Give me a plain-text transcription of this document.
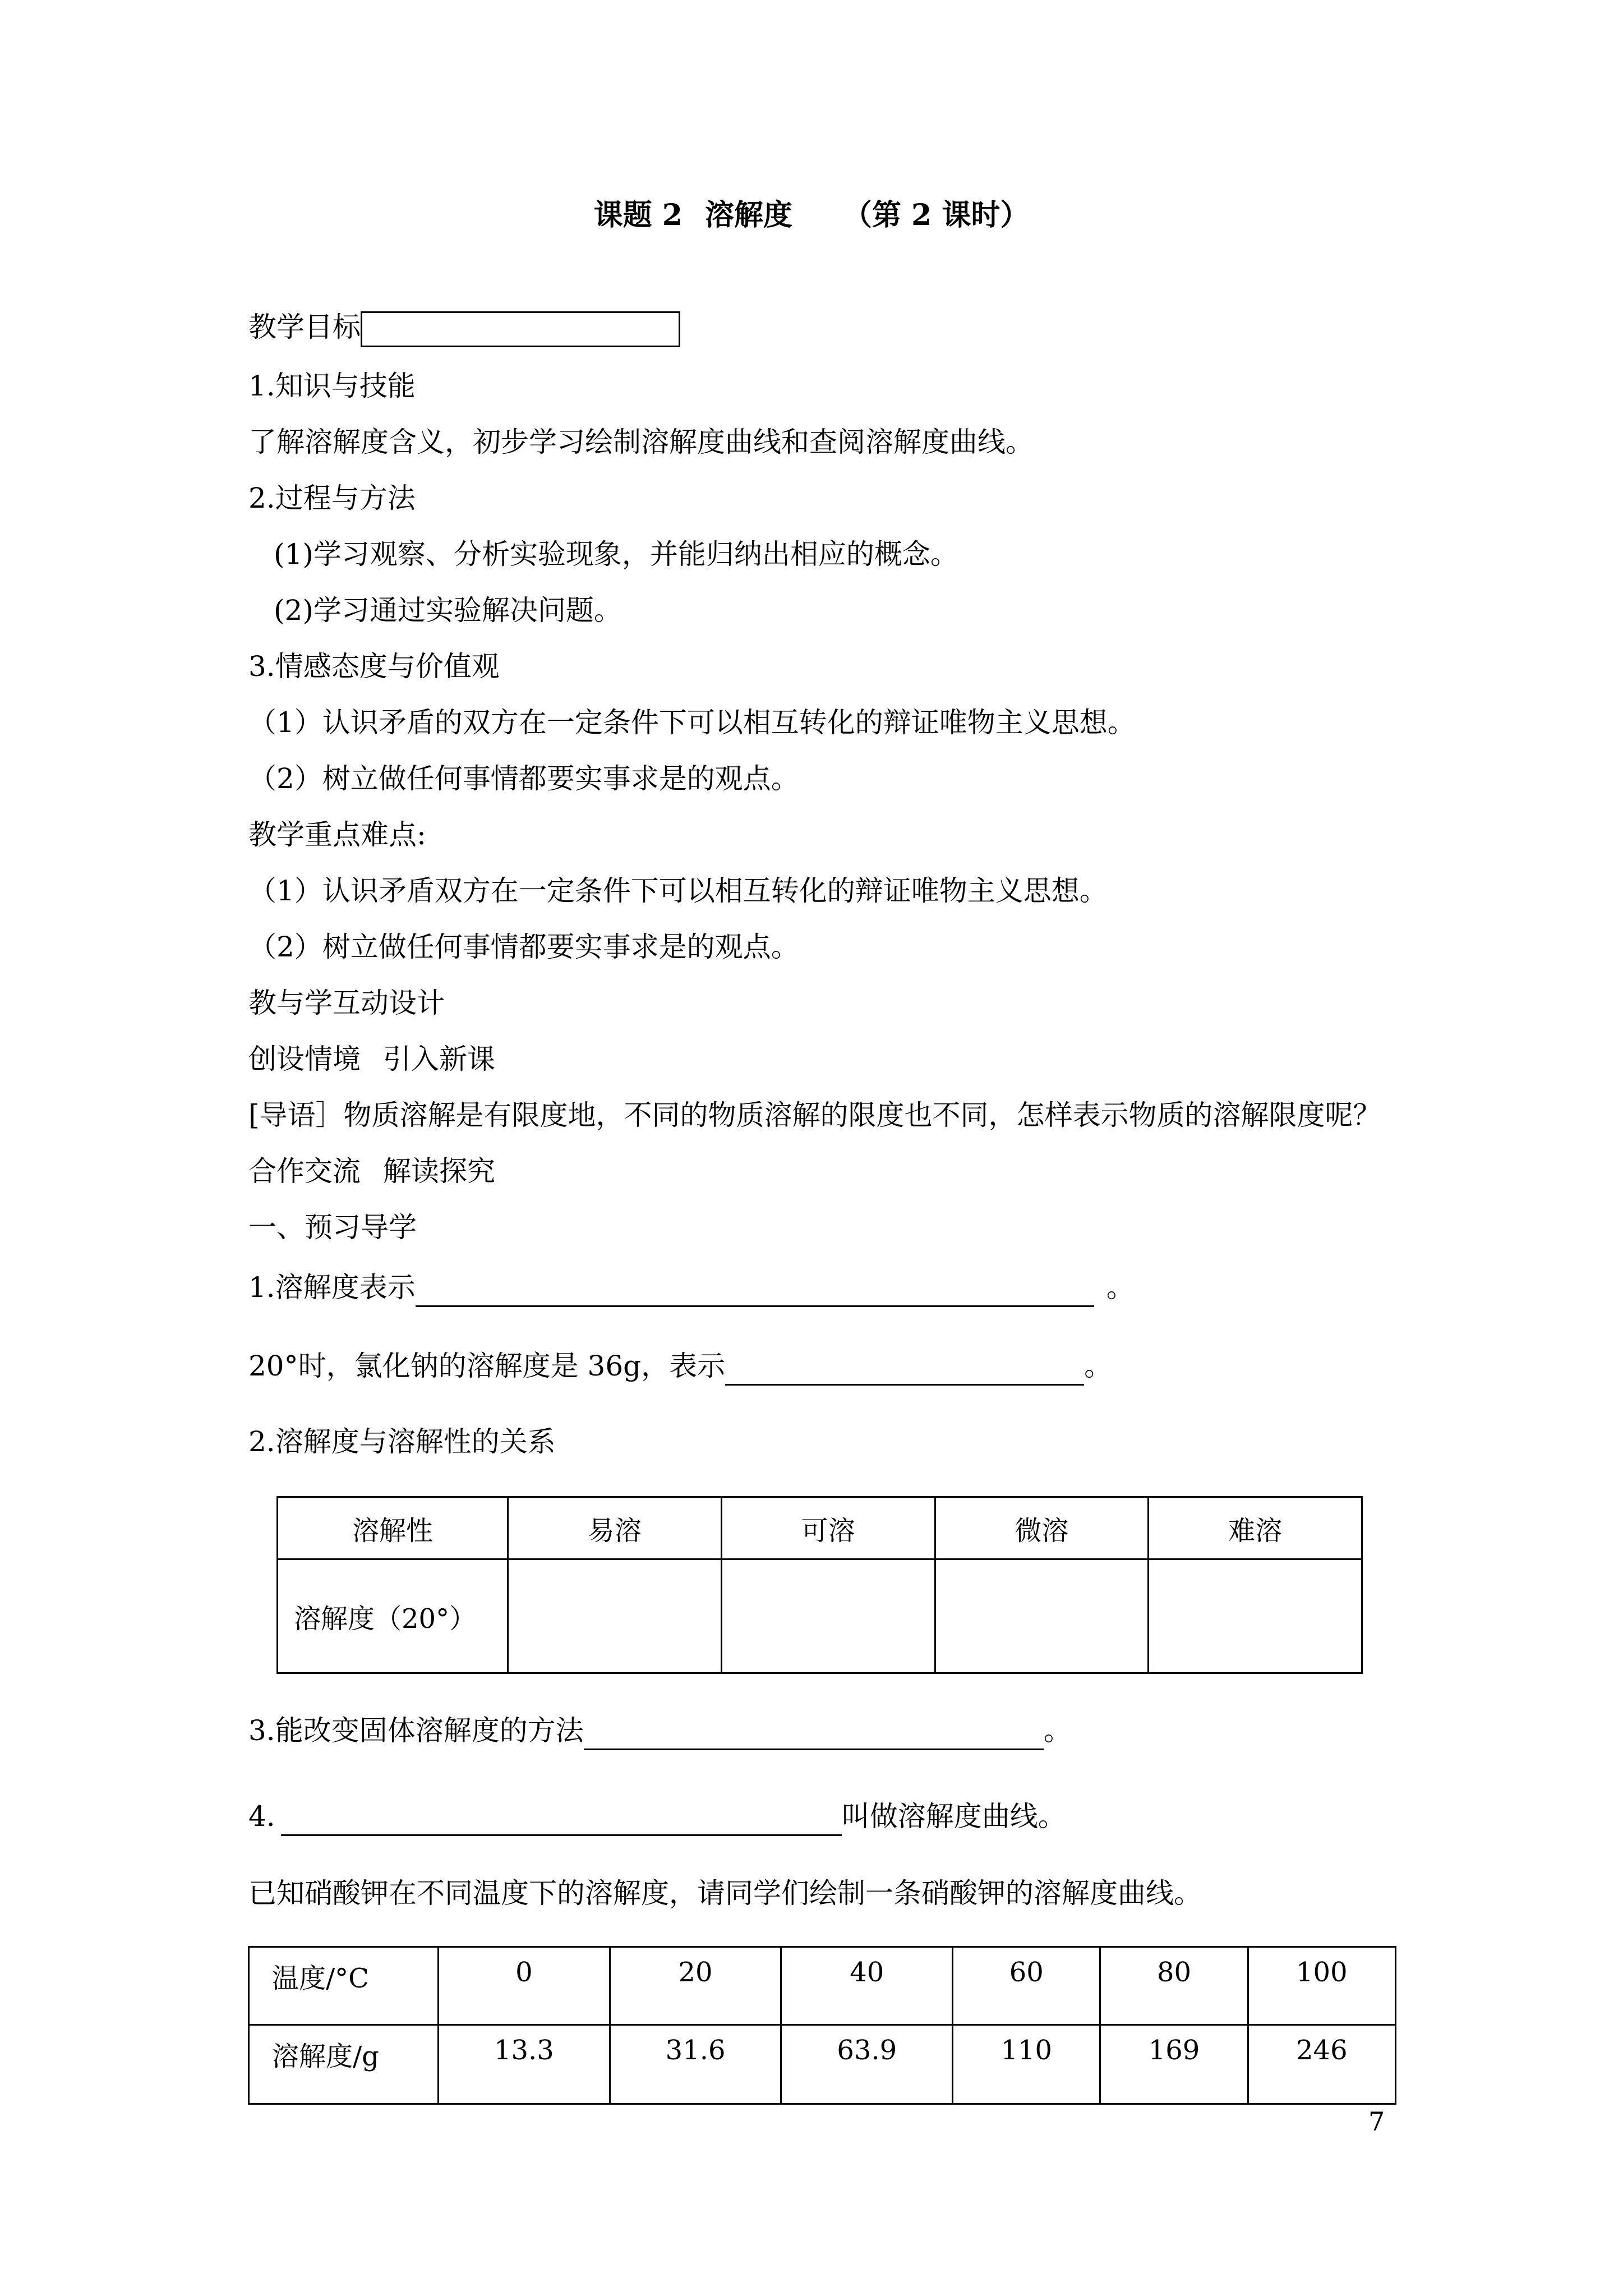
课题 2 溶解度 （第 2 课时）
教学目标
1.知识与技能
了解溶解度含义，初步学习绘制溶解度曲线和查阅溶解度曲线。
2.过程与方法
(1)学习观察、分析实验现象，并能归纳出相应的概念。
(2)学习通过实验解决问题。
3.情感态度与价值观
（1）认识矛盾的双方在一定条件下可以相互转化的辩证唯物主义思想。
（2）树立做任何事情都要实事求是的观点。
教学重点难点:
（1）认识矛盾双方在一定条件下可以相互转化的辩证唯物主义思想。
（2）树立做任何事情都要实事求是的观点。
教与学互动设计
创设情境 引入新课
[导语］物质溶解是有限度地，不同的物质溶解的限度也不同，怎样表示物质的溶解限度呢？
合作交流 解读探究
一、预习导学
1.溶解度表示	。
20°时，氯化钠的溶解度是 36g，表示	。
2.溶解度与溶解性的关系
溶解性	易溶	可溶	微溶	难溶
溶解度（20°）				
3.能改变固体溶解度的方法	。
4.	叫做溶解度曲线。
已知硝酸钾在不同温度下的溶解度，请同学们绘制一条硝酸钾的溶解度曲线。
温度/°C	0	20	40	60	80	100
溶解度/g	13.3	31.6	63.9	110	169	246
7
